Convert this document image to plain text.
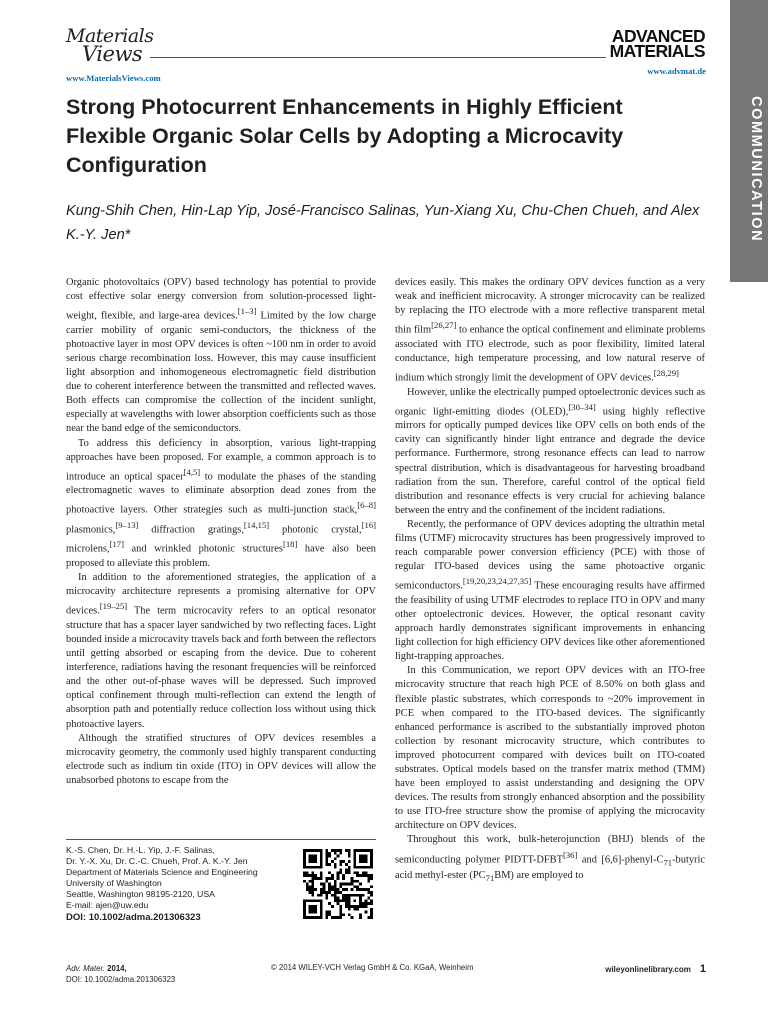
Materials
Views
www.MaterialsViews.com
ADVANCED
MATERIALS
www.advmat.de
COMMUNICATION
Strong Photocurrent Enhancements in Highly Efficient Flexible Organic Solar Cells by Adopting a Microcavity Configuration

Kung-Shih Chen, Hin-Lap Yip, José-Francisco Salinas, Yun-Xiang Xu, Chu-Chen Chueh, and Alex K.-Y. Jen*

Organic photovoltaics (OPV) based technology has potential to provide cost effective solar energy conversion from solution-processed light-weight, flexible, and large-area devices.[1–3] Limited by the low charge carrier mobility of organic semi-conductors, the thickness of the photoactive layer in most OPV devices is often ~100 nm in order to avoid serious charge recombination loss. However, this may cause insufficient light absorption and inhomogeneous electromagnetic field distribution due to coherent interference between the transmitted and reflected waves. Both effects can compromise the collection of the incident sunlight, especially at wavelengths with lower absorption coefficients such as those near the band edge of the semiconductors.

To address this deficiency in absorption, various light-trapping approaches have been proposed. For example, a common approach is to introduce an optical spacer[4,5] to modulate the phases of the standing electromagnetic waves to eliminate absorption dead zones from the photoactive layers. Other strategies such as multi-junction stack,[6–8] plasmonics,[9–13] diffraction gratings,[14,15] photonic crystal,[16] microlens,[17] and wrinkled photonic structures[18] have also been proposed to alleviate this problem.

In addition to the aforementioned strategies, the application of a microcavity architecture represents a promising alternative for OPV devices.[19–25] The term microcavity refers to an optical resonator structure that has a spacer layer sandwiched by two reflecting faces. Light bounded inside a microcavity travels back and forth between the reflectors until getting absorbed or escaping from the device. Due to coherent interference, radiations having the resonant frequencies will be reinforced and the other out-of-phase waves will be depressed. Such improved optical confinement through multi-reflection can extend the length of absorption path and potentially reduce collection loss without using thick photoactive layers.

Although the stratified structures of OPV devices resembles a microcavity geometry, the commonly used highly transparent conducting electrode such as indium tin oxide (ITO) in OPV devices will allow the unabsorbed photons to escape from the

devices easily. This makes the ordinary OPV devices function as a very weak and inefficient microcavity. A stronger microcavity can be realized by replacing the ITO electrode with a more reflective transparent metal thin film[26,27] to enhance the optical confinement and eliminate problems associated with ITO electrode, such as poor flexibility, limited lateral conductance, high temperature processing, and low natural reserve of indium which strongly limit the development of OPV devices.[28,29]

However, unlike the electrically pumped optoelectronic devices such as organic light-emitting diodes (OLED),[30–34] using highly reflective mirrors for optically pumped devices like OPV cells on both ends of the cavity can significantly hinder light entrance and degrade the device performance. Furthermore, strong resonance effects can lead to narrow spectral distribution, which is disadvantageous for harvesting broadband radiation from the sun. Therefore, careful control of the optical field distribution and resonance effects is very crucial for achieving balance between the entry and the confinement of the incident radiations.

Recently, the performance of OPV devices adopting the ultrathin metal films (UTMF) microcavity structures has been progressively improved to reach comparable power conversion efficiency (PCE) with those of regular ITO-based devices using the same photoactive organic semiconductors.[19,20,23,24,27,35] These encouraging results have affirmed the feasibility of using UTMF electrodes to replace ITO in OPV and many other optoelectronic devices. However, the optical resonant cavity approach hardly demonstrates significant improvements in enhancing light collection for high efficiency OPV devices like other aforementioned light-trapping approaches.

In this Communication, we report OPV devices with an ITO-free microcavity structure that reach high PCE of 8.50% on both glass and flexible plastic substrates, which corresponds to ~20% improvement in PCE when compared to the ITO-based devices. The significantly enhanced performance is ascribed to the substantially improved photon collection by resonant microcavity structure, which contributes to improved photocurrent compared with devices built on ITO-coated substrates. Optical models based on the transfer matrix method (TMM) have been employed to assist understanding and designing the OPV devices. The results from strongly enhanced absorption and the possibility to use ITO-free structure show the promise of applying the microcavity architecture on OPV devices.

Throughout this work, bulk-heterojunction (BHJ) blends of the semiconducting polymer PIDTT-DFBT[36] and $[6,6]-phenyl-C_{71}$-butyric acid methyl-ester $(PC_{71}BM)$ are employed to

K.-S. Chen, Dr. H.-L. Yip, J.-F. Salinas,
Dr. Y.-X. Xu, Dr. C.-C. Chueh, Prof. A. K.-Y. Jen
Department of Materials Science and Engineering
University of Washington
Seattle, Washington 98195-2120, USA
E-mail: ajen@uw.edu
DOI: 10.1002/adma.201306323
Adv. Mater. 2014,
DOI: 10.1002/adma.201306323
© 2014 WILEY-VCH Verlag GmbH & Co. KGaA, Weinheim	wileyonlinelibrary.com 1
